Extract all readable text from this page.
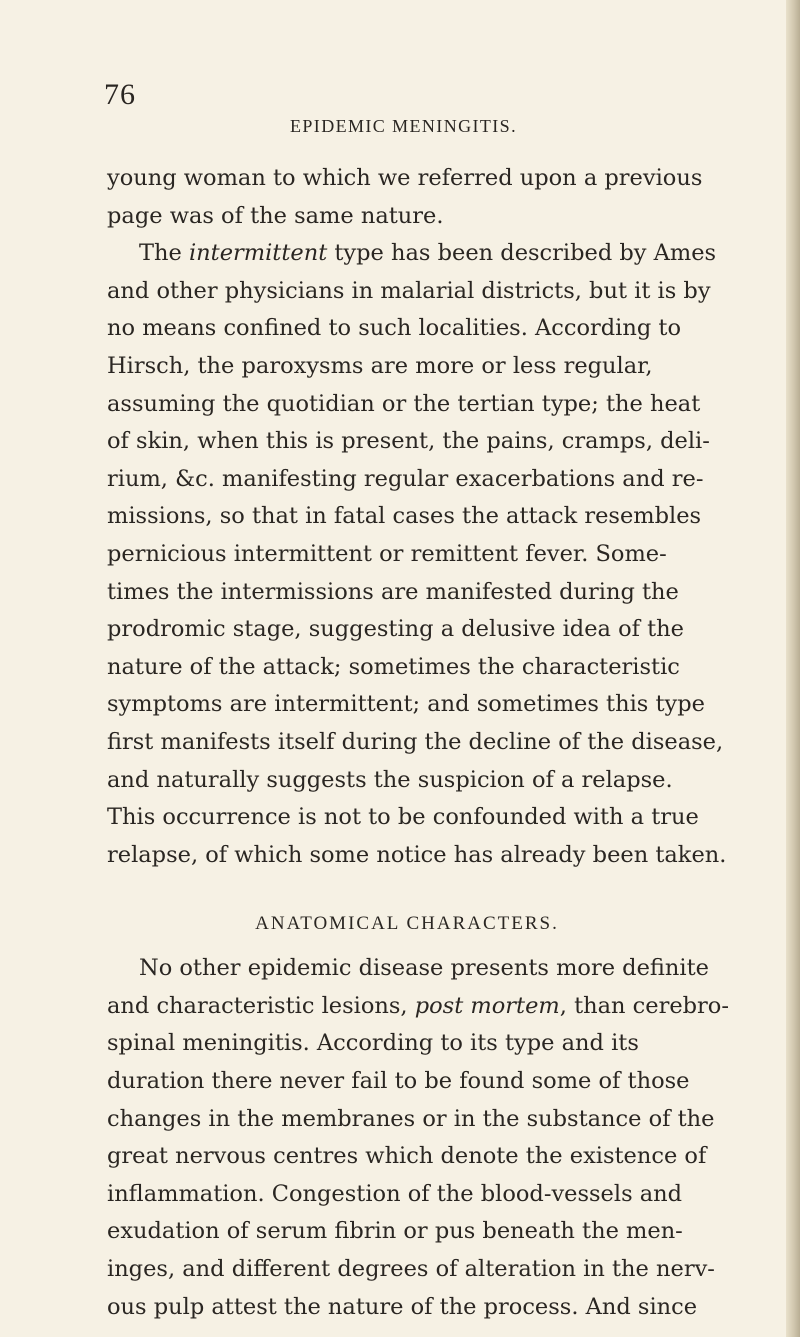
76
EPIDEMIC MENINGITIS.
young woman to which we referred upon a previous
page was of the same nature.
The intermittent type has been described by Ames
and other physicians in malarial districts, but it is by
no means confined to such localities. According to
Hirsch, the paroxysms are more or less regular,
assuming the quotidian or the tertian type; the heat
of skin, when this is present, the pains, cramps, deli-
rium, &c. manifesting regular exacerbations and re-
missions, so that in fatal cases the attack resembles
pernicious intermittent or remittent fever. Some-
times the intermissions are manifested during the
prodromic stage, suggesting a delusive idea of the
nature of the attack; sometimes the characteristic
symptoms are intermittent; and sometimes this type
first manifests itself during the decline of the disease,
and naturally suggests the suspicion of a relapse.
This occurrence is not to be confounded with a true
relapse, of which some notice has already been taken.
ANATOMICAL CHARACTERS.
No other epidemic disease presents more definite
and characteristic lesions, post mortem, than cerebro-
spinal meningitis. According to its type and its
duration there never fail to be found some of those
changes in the membranes or in the substance of the
great nervous centres which denote the existence of
inflammation. Congestion of the blood-vessels and
exudation of serum fibrin or pus beneath the men-
inges, and different degrees of alteration in the nerv-
ous pulp attest the nature of the process. And since
